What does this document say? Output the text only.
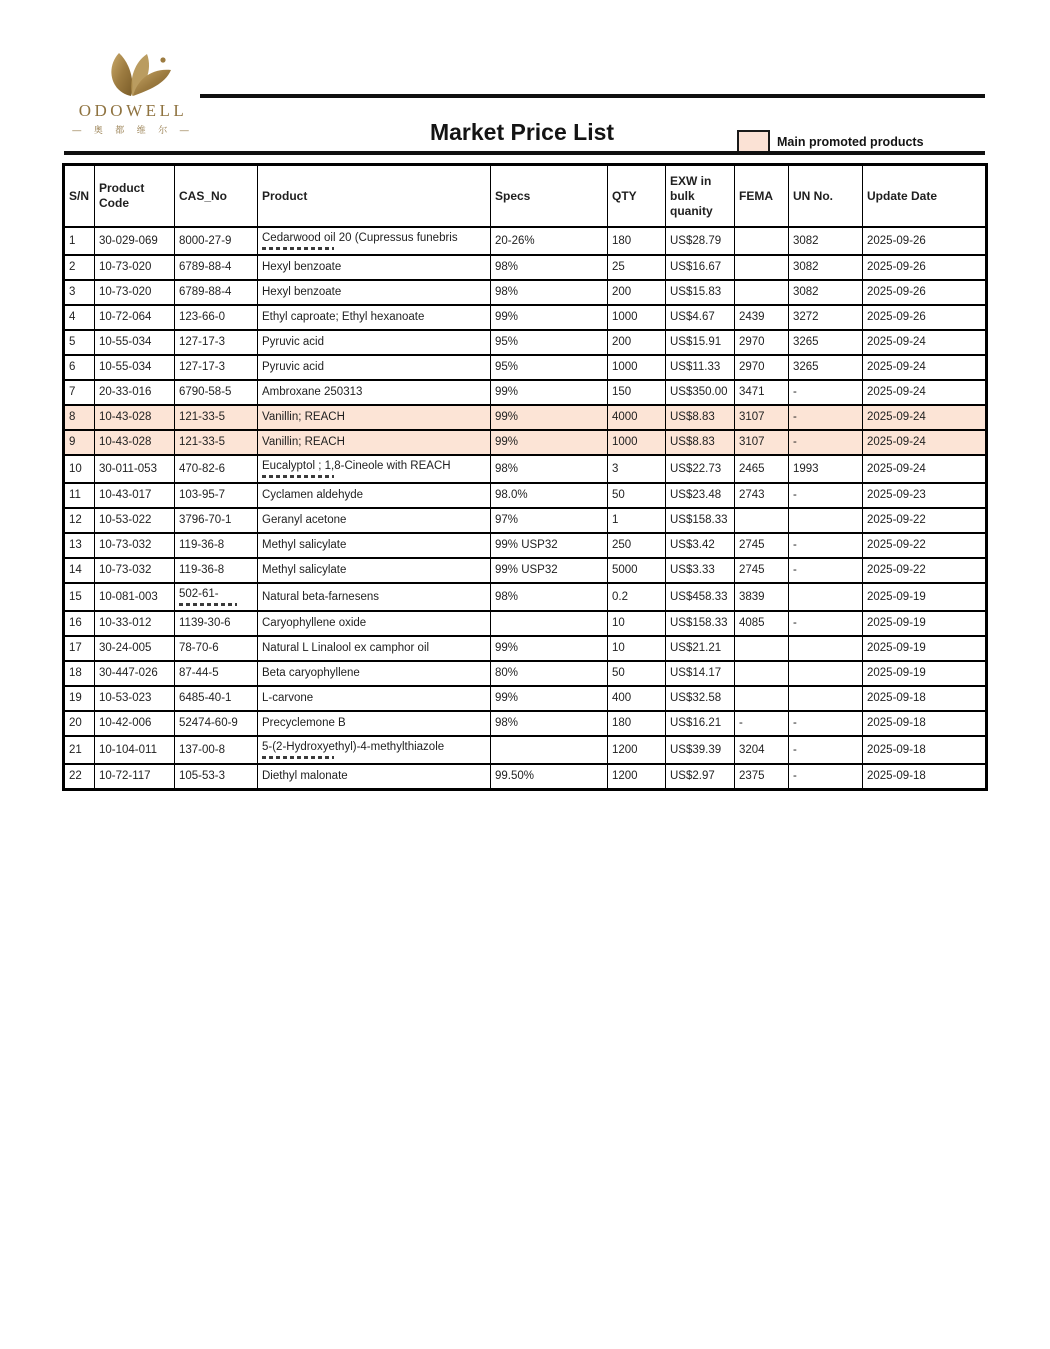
ODOWELL
— 奥 都 维 尔 —	Market Price List	Main promoted products
S/N	Product Code	CAS_No	Product	Specs	QTY	EXW in bulk quanity	FEMA	UN No.	Update Date
1	30-029-069	8000-27-9	Cedarwood oil 20 (Cupressus funebris	20-26%	180	US$28.79		3082	2025-09-26
2	10-73-020	6789-88-4	Hexyl benzoate	98%	25	US$16.67		3082	2025-09-26
3	10-73-020	6789-88-4	Hexyl benzoate	98%	200	US$15.83		3082	2025-09-26
4	10-72-064	123-66-0	Ethyl caproate; Ethyl hexanoate	99%	1000	US$4.67	2439	3272	2025-09-26
5	10-55-034	127-17-3	Pyruvic acid	95%	200	US$15.91	2970	3265	2025-09-24
6	10-55-034	127-17-3	Pyruvic acid	95%	1000	US$11.33	2970	3265	2025-09-24
7	20-33-016	6790-58-5	Ambroxane 250313	99%	150	US$350.00	3471	-	2025-09-24
8	10-43-028	121-33-5	Vanillin; REACH	99%	4000	US$8.83	3107	-	2025-09-24
9	10-43-028	121-33-5	Vanillin; REACH	99%	1000	US$8.83	3107	-	2025-09-24
10	30-011-053	470-82-6	Eucalyptol ; 1,8-Cineole with REACH	98%	3	US$22.73	2465	1993	2025-09-24
11	10-43-017	103-95-7	Cyclamen aldehyde	98.0%	50	US$23.48	2743	-	2025-09-23
12	10-53-022	3796-70-1	Geranyl acetone	97%	1	US$158.33			2025-09-22
13	10-73-032	119-36-8	Methyl salicylate	99% USP32	250	US$3.42	2745	-	2025-09-22
14	10-73-032	119-36-8	Methyl salicylate	99% USP32	5000	US$3.33	2745	-	2025-09-22
15	10-081-003	502-61-	Natural beta-farnesens	98%	0.2	US$458.33	3839		2025-09-19
16	10-33-012	1139-30-6	Caryophyllene oxide		10	US$158.33	4085	-	2025-09-19
17	30-24-005	78-70-6	Natural L Linalool ex camphor oil	99%	10	US$21.21			2025-09-19
18	30-447-026	87-44-5	Beta caryophyllene	80%	50	US$14.17			2025-09-19
19	10-53-023	6485-40-1	L-carvone	99%	400	US$32.58			2025-09-18
20	10-42-006	52474-60-9	Precyclemone B	98%	180	US$16.21	-	-	2025-09-18
21	10-104-011	137-00-8	5-(2-Hydroxyethyl)-4-methylthiazole		1200	US$39.39	3204	-	2025-09-18
22	10-72-117	105-53-3	Diethyl malonate	99.50%	1200	US$2.97	2375	-	2025-09-18
